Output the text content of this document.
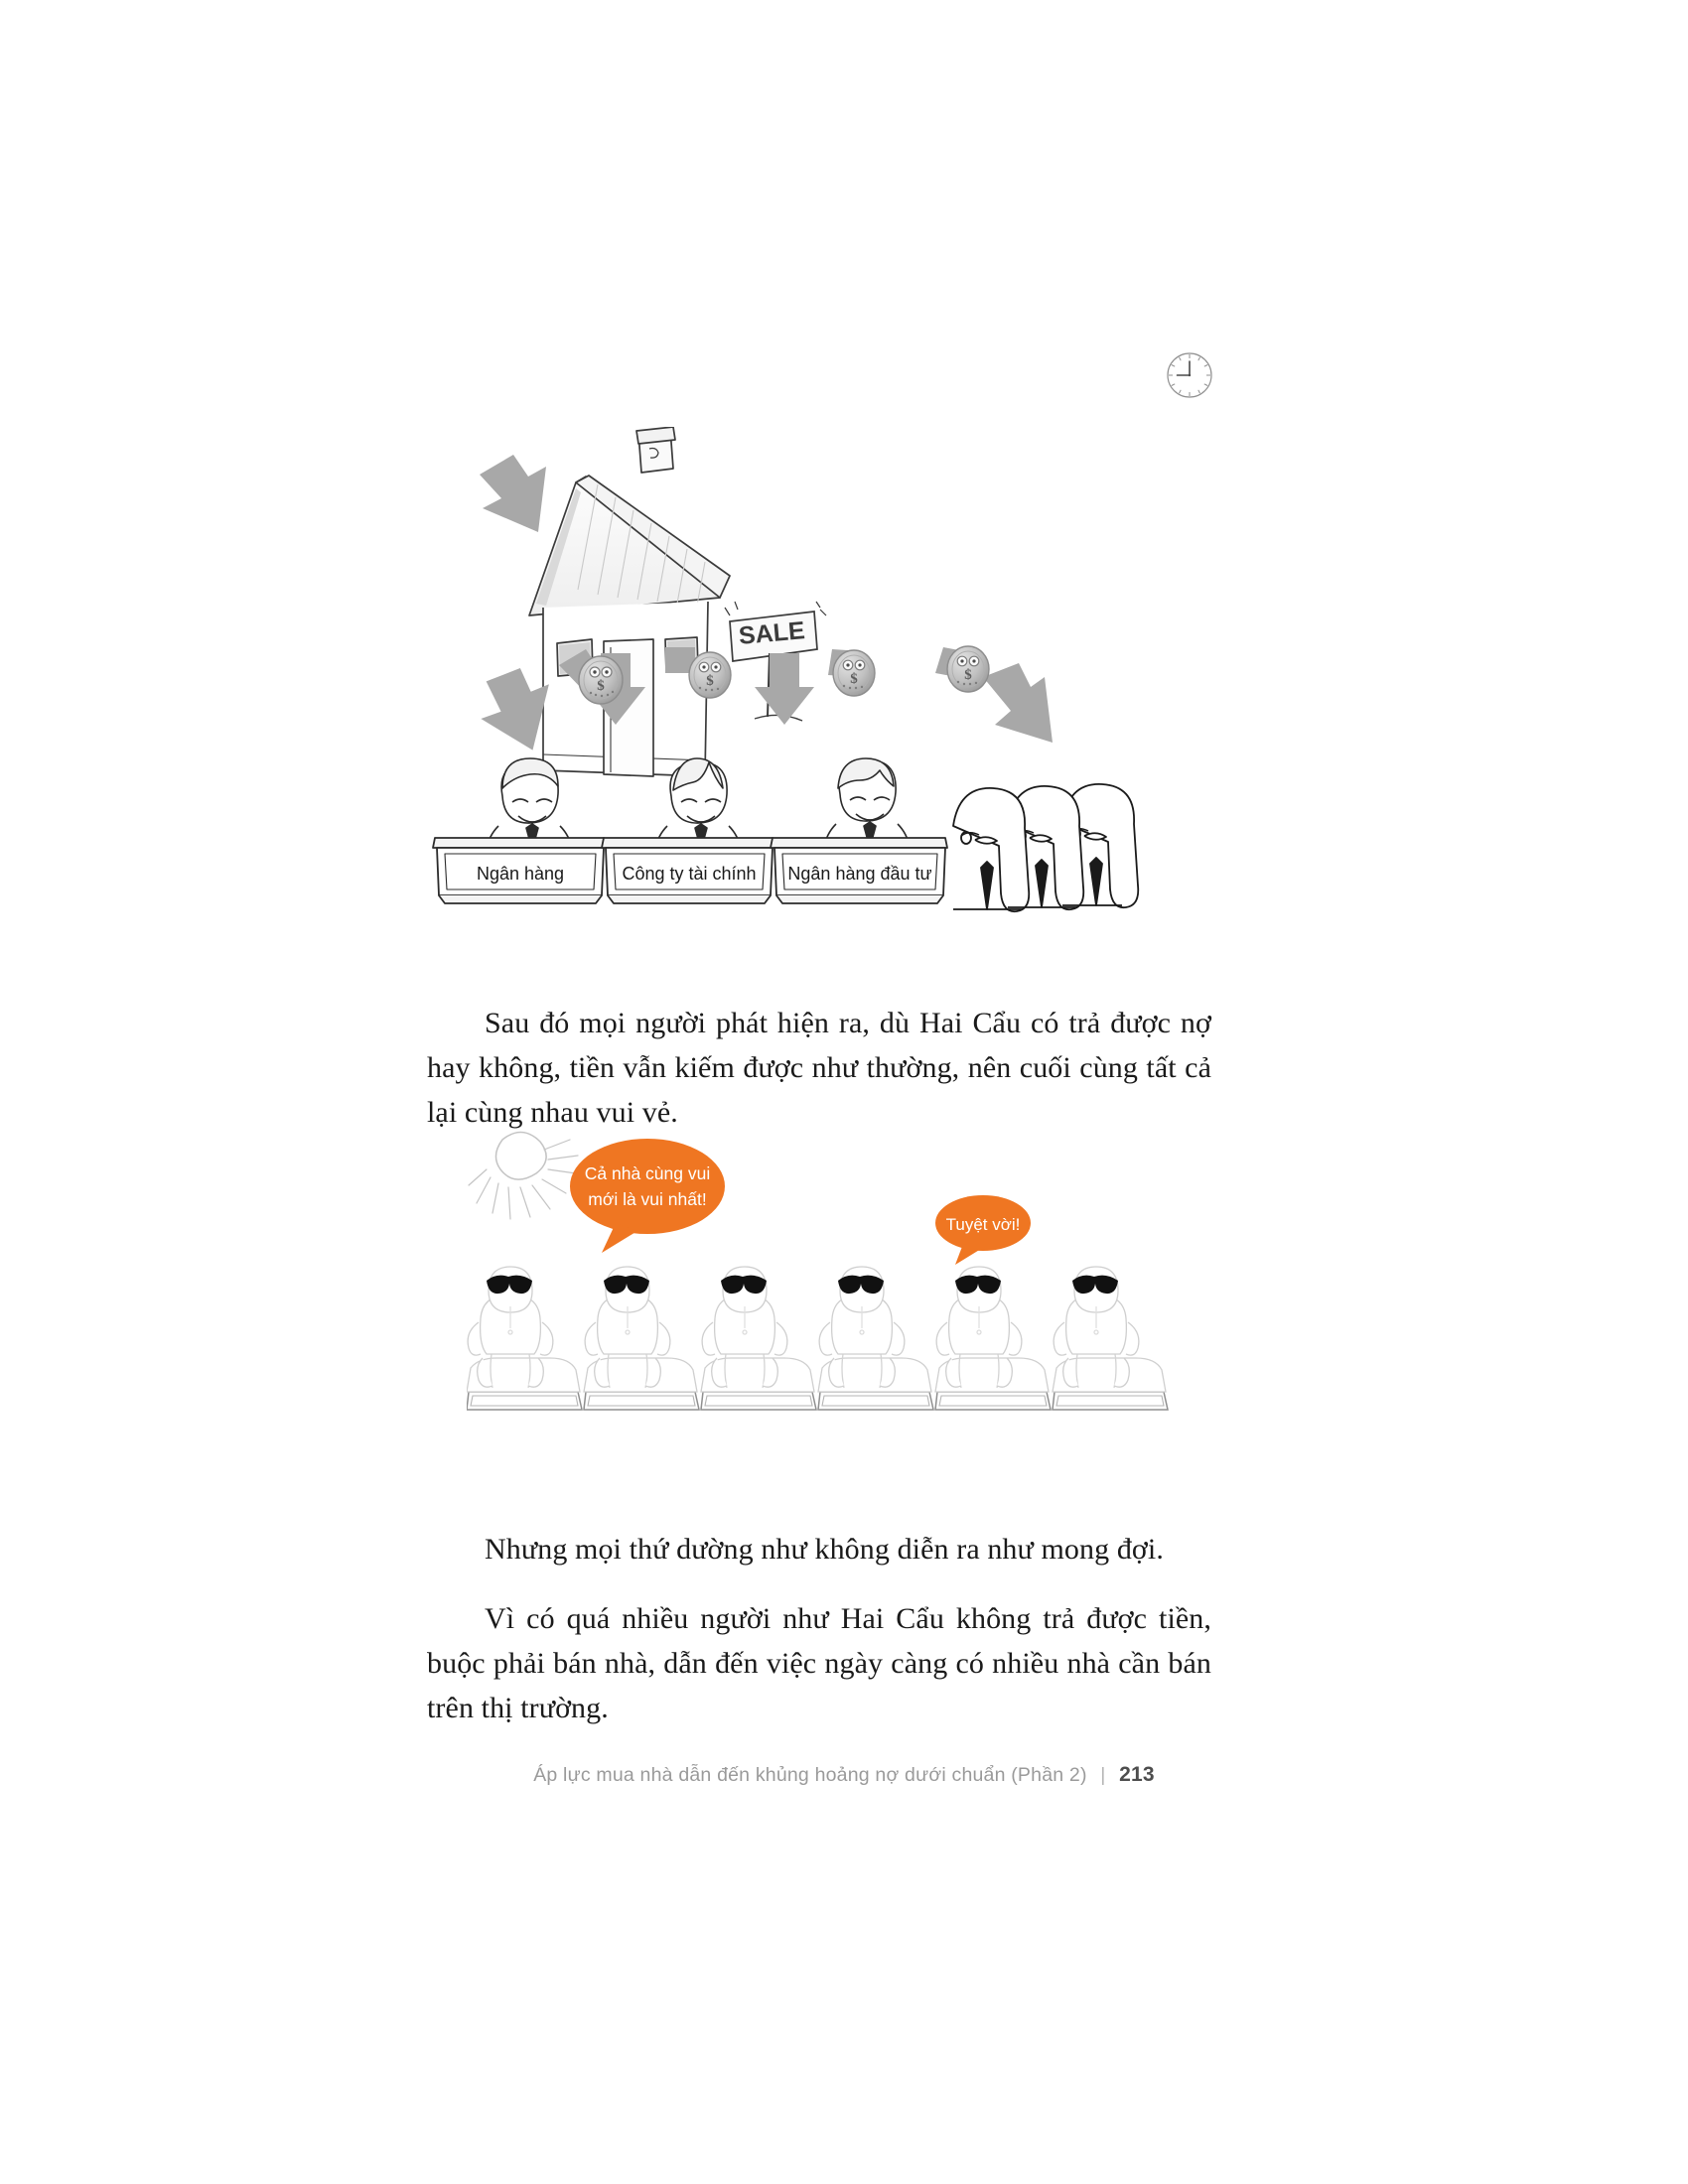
SALE
$	$	$	$
Ngân hàng	Công ty tài chính Ngân hàng đầu tư

Sau đó mọi người phát hiện ra, dù Hai Cẩu có trả được nợ hay không, tiền vẫn kiếm được như thường, nên cuối cùng tất cả lại cùng nhau vui vẻ.

Cả nhà cùng vui
mới là vui nhất!
Tuyệt vời!

Nhưng mọi thứ dường như không diễn ra như mong đợi.

Vì có quá nhiều người như Hai Cẩu không trả được tiền, buộc phải bán nhà, dẫn đến việc ngày càng có nhiều nhà cần bán trên thị trường.

Áp lực mua nhà dẫn đến khủng hoảng nợ dưới chuẩn (Phần 2) | 213
